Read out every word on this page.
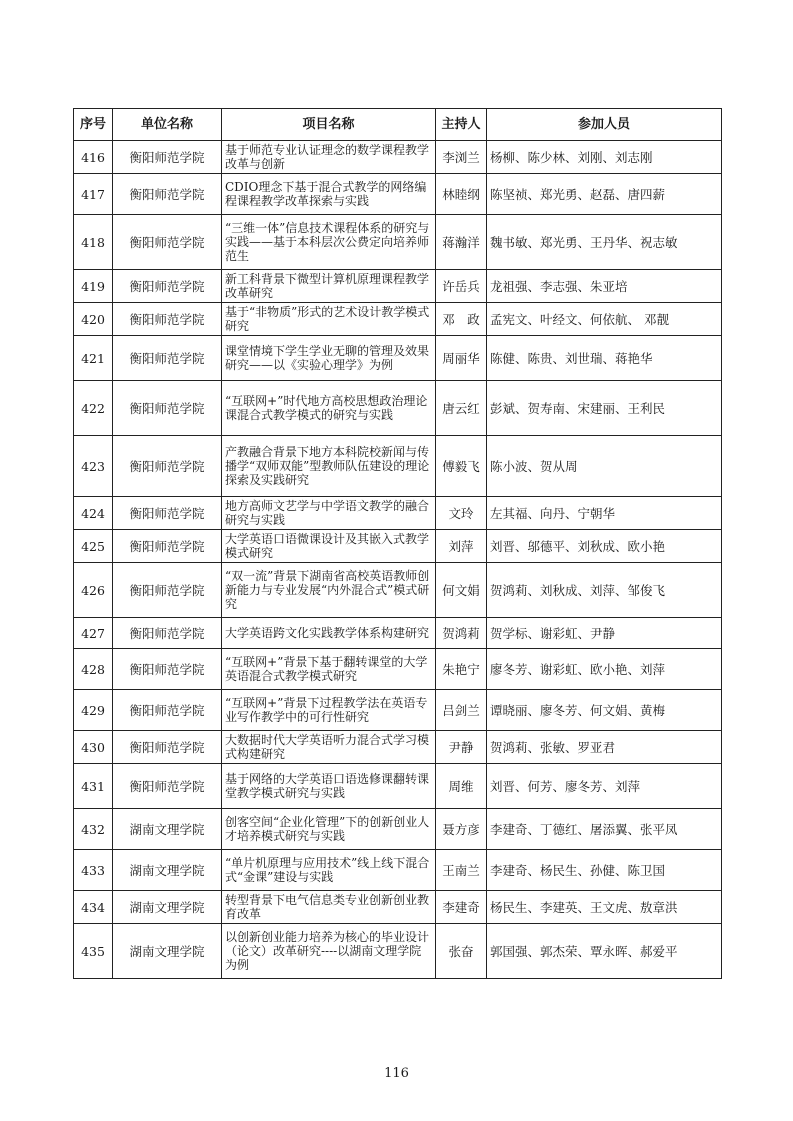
序号	单位名称	项目名称	主持人	参加人员
416	衡阳师范学院	基于师范专业认证理念的数学课程教学改革与创新	李浏兰	杨柳、陈少林、刘刚、刘志刚
417	衡阳师范学院	CDIO理念下基于混合式教学的网络编程课程教学改革探索与实践	林睦纲	陈坚祯、郑光勇、赵磊、唐四薪
418	衡阳师范学院	“三维一体”信息技术课程体系的研究与实践——基于本科层次公费定向培养师范生	蒋瀚洋	魏书敏、郑光勇、王丹华、祝志敏
419	衡阳师范学院	新工科背景下微型计算机原理课程教学改革研究	许岳兵	龙祖强、李志强、朱亚培
420	衡阳师范学院	基于“非物质”形式的艺术设计教学模式研究	邓　政	孟宪文、叶经文、何依航、 邓靓
421	衡阳师范学院	课堂情境下学生学业无聊的管理及效果研究——以《实验心理学》为例	周丽华	陈健、陈贵、刘世瑞、蒋艳华
422	衡阳师范学院	“互联网+”时代地方高校思想政治理论课混合式教学模式的研究与实践	唐云红	彭斌、贺寿南、宋建丽、王利民
423	衡阳师范学院	产教融合背景下地方本科院校新闻与传播学“双师双能”型教师队伍建设的理论探索及实践研究	傅毅飞	陈小波、贺从周
424	衡阳师范学院	地方高师文艺学与中学语文教学的融合研究与实践	文玲	左其福、向丹、宁朝华
425	衡阳师范学院	大学英语口语微课设计及其嵌入式教学模式研究	刘萍	刘晋、邬德平、刘秋成、欧小艳
426	衡阳师范学院	“双一流”背景下湖南省高校英语教师创新能力与专业发展“内外混合式”模式研究	何文娟	贺鸿莉、刘秋成、刘萍、邹俊飞
427	衡阳师范学院	大学英语跨文化实践教学体系构建研究	贺鸿莉	贺学标、谢彩虹、尹静
428	衡阳师范学院	“互联网+”背景下基于翻转课堂的大学英语混合式教学模式研究	朱艳宁	廖冬芳、谢彩虹、欧小艳、刘萍
429	衡阳师范学院	“互联网+”背景下过程教学法在英语专业写作教学中的可行性研究	吕剑兰	谭晓丽、廖冬芳、何文娟、黄梅
430	衡阳师范学院	大数据时代大学英语听力混合式学习模式构建研究	尹静	贺鸿莉、张敏、罗亚君
431	衡阳师范学院	基于网络的大学英语口语选修课翻转课堂教学模式研究与实践	周维	刘晋、何芳、廖冬芳、刘萍
432	湖南文理学院	创客空间“企业化管理”下的创新创业人才培养模式研究与实践	聂方彦	李建奇、丁德红、屠添翼、张平凤
433	湖南文理学院	“单片机原理与应用技术”线上线下混合式“金课”建设与实践	王南兰	李建奇、杨民生、孙健、陈卫国
434	湖南文理学院	转型背景下电气信息类专业创新创业教育改革	李建奇	杨民生、李建英、王文虎、敖章洪
435	湖南文理学院	以创新创业能力培养为核心的毕业设计（论文）改革研究----以湖南文理学院为例	张奋	郭国强、郭杰荣、覃永晖、郝爱平
116
